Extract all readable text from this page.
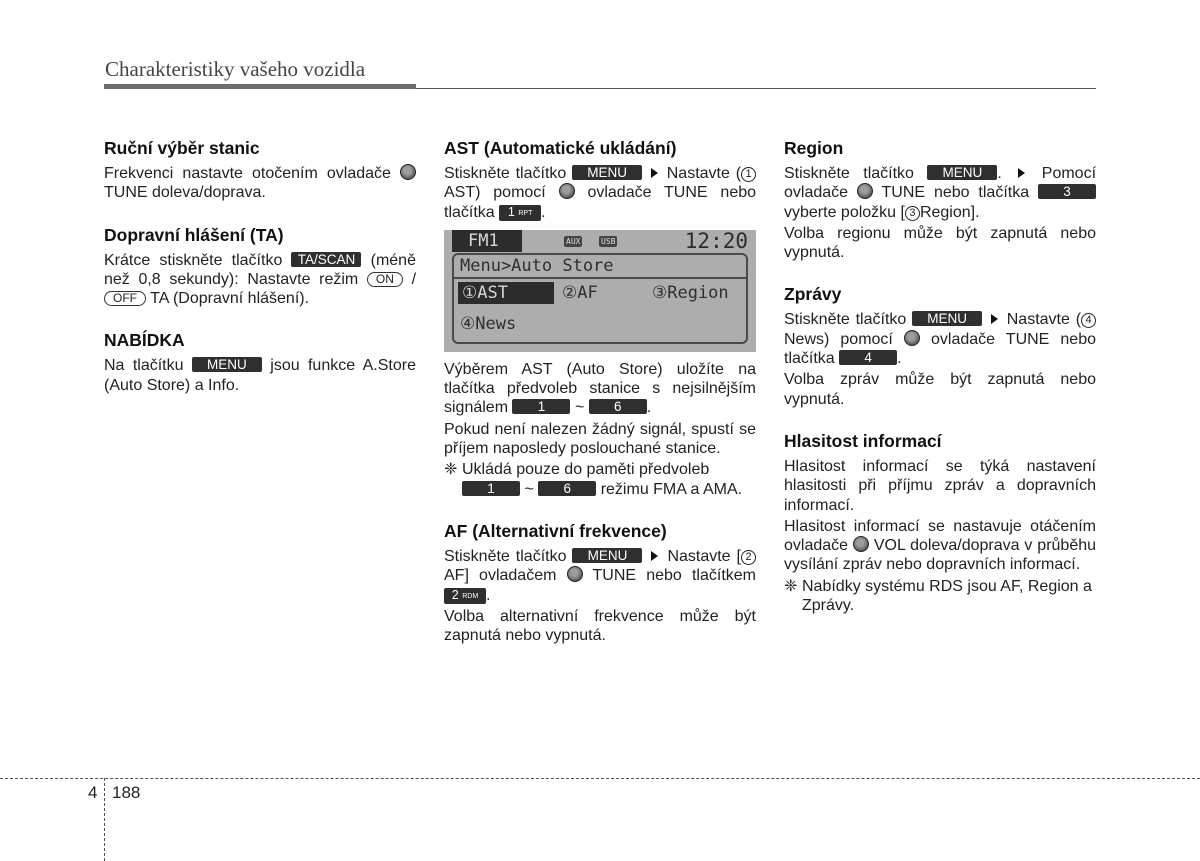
Charakteristiky vašeho vozidla
Ruční výběr stanic

Frekvenci nastavte otočením ovladače  TUNE doleva/doprava.

Dopravní hlášení (TA)

Krátce stiskněte tlačítko TA/SCAN (méně než 0,8 sekundy): Nastavte režim ON /OFF TA (Dopravní hlášení).

NABÍDKA

Na tlačítku MENU jsou funkce A.Store (Auto Store) a Info.

AST (Automatické ukládání)

Stiskněte tlačítko MENU Nastavte ( 1AST) pomocí	ovladače TUNE nebo tlačítka 1 $_{RPT}$ .

FM1	AUX	USB	12:20
Menu>Auto Store
①AST	②AF	③Region
④News

Výběrem AST (Auto Store) uložíte na tlačítka předvoleb stanice s nejsilnějším signálem 1 ~ 6 .

Pokud není nalezen žádný signál, spustí se příjem naposledy poslouchané stanice.

❈ Ukládá pouze do paměti předvoleb
1 ~ 6 režimu FMA a AMA.
AF (Alternativní frekvence)

Stiskněte tlačítko MENU	Nastavte [ 2 AF] ovladačem TUNE nebo tlačítkem 2 $_{RDM}$ .

Volba alternativní frekvence může být zapnutá nebo vypnutá.

Region

Stiskněte tlačítko MENU . Pomocí ovladače TUNE nebo tlačítka	3 vyberte položku [ 3 Region].

Volba regionu může být zapnutá nebo vypnutá.

Zprávy

Stiskněte tlačítko MENU Nastavte ( 4 News) pomocí ovladače TUNE nebo tlačítka 4 .

Volba zpráv může být zapnutá nebo vypnutá.

Hlasitost informací

Hlasitost informací se týká nastavení hlasitosti při příjmu zpráv a dopravních informací.

Hlasitost informací se nastavuje otáčením ovladače VOL doleva/doprava v průběhu vysílání zpráv nebo dopravních informací.

❈ Nabídky systému RDS jsou AF, Region a Zprávy.
4 188
